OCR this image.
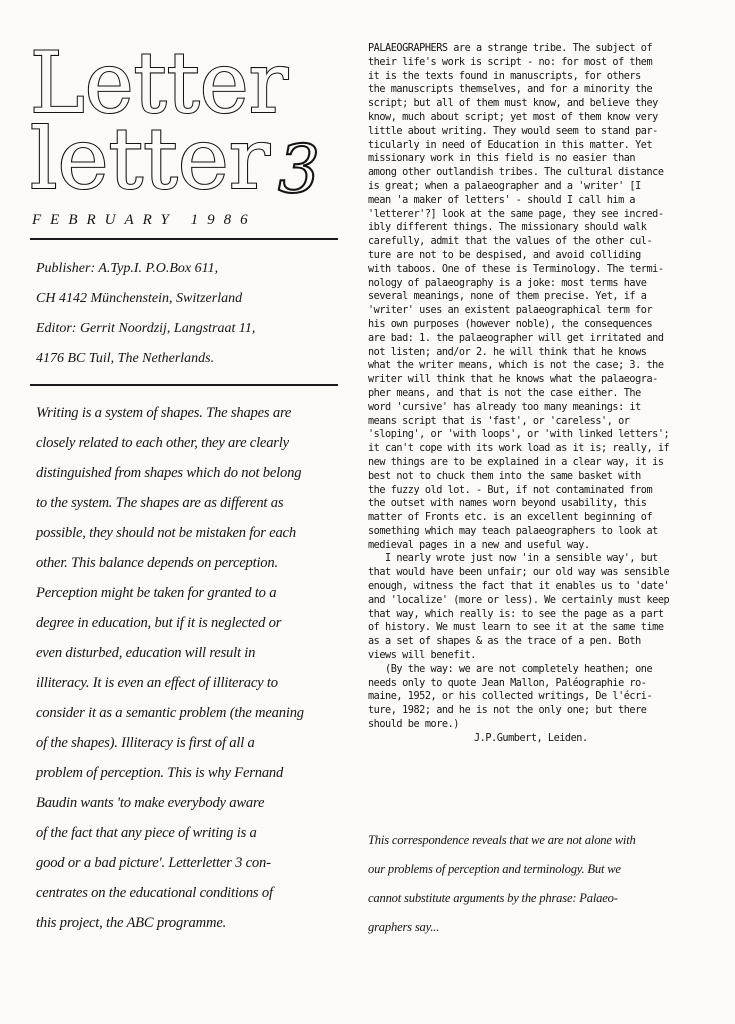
Letter
letter 3
FEBRUARY 1986
Publisher: A.Typ.I. P.O.Box 611,
CH 4142 Münchenstein, Switzerland
Editor: Gerrit Noordzij, Langstraat 11,
4176 BC Tuil, The Netherlands.
Writing is a system of shapes. The shapes are
closely related to each other, they are clearly
distinguished from shapes which do not belong
to the system. The shapes are as different as
possible, they should not be mistaken for each
other. This balance depends on perception.
Perception might be taken for granted to a
degree in education, but if it is neglected or
even disturbed, education will result in
illiteracy. It is even an effect of illiteracy to
consider it as a semantic problem (the meaning
of the shapes). Illiteracy is first of all a
problem of perception. This is why Fernand
Baudin wants 'to make everybody aware
of the fact that any piece of writing is a
good or a bad picture'. Letterletter 3 con-
centrates on the educational conditions of
this project, the ABC programme.
PALAEOGRAPHERS are a strange tribe. The subject of
their life's work is script - no: for most of them
it is the texts found in manuscripts, for others
the manuscripts themselves, and for a minority the
script; but all of them must know, and believe they
know, much about script; yet most of them know very
little about writing. They would seem to stand par-
ticularly in need of Education in this matter. Yet
missionary work in this field is no easier than
among other outlandish tribes. The cultural distance
is great; when a palaeographer and a 'writer' [I
mean 'a maker of letters' - should I call him a
'letterer'?] look at the same page, they see incred-
ibly different things. The missionary should walk
carefully, admit that the values of the other cul-
ture are not to be despised, and avoid colliding
with taboos. One of these is Terminology. The termi-
nology of palaeography is a joke: most terms have
several meanings, none of them precise. Yet, if a
'writer' uses an existent palaeographical term for
his own purposes (however noble), the consequences
are bad: 1. the palaeographer will get irritated and
not listen; and/or 2. he will think that he knows
what the writer means, which is not the case; 3. the
writer will think that he knows what the palaeogra-
pher means, and that is not the case either. The
word 'cursive' has already too many meanings: it
means script that is 'fast', or 'careless', or
'sloping', or 'with loops', or 'with linked letters';
it can't cope with its work load as it is; really, if
new things are to be explained in a clear way, it is
best not to chuck them into the same basket with
the fuzzy old lot. - But, if not contaminated from
the outset with names worn beyond usability, this
matter of Fronts etc. is an excellent beginning of
something which may teach palaeographers to look at
medieval pages in a new and useful way.
I nearly wrote just now 'in a sensible way', but
that would have been unfair; our old way was sensible
enough, witness the fact that it enables us to 'date'
and 'localize' (more or less). We certainly must keep
that way, which really is: to see the page as a part
of history. We must learn to see it at the same time
as a set of shapes & as the trace of a pen. Both
views will benefit.
(By the way: we are not completely heathen; one
needs only to quote Jean Mallon, Paléographie ro-
maine, 1952, or his collected writings, De l'écri-
ture, 1982; and he is not the only one; but there
should be more.)
J.P.Gumbert, Leiden.
This correspondence reveals that we are not alone with
our problems of perception and terminology. But we
cannot substitute arguments by the phrase: Palaeo-
graphers say...
